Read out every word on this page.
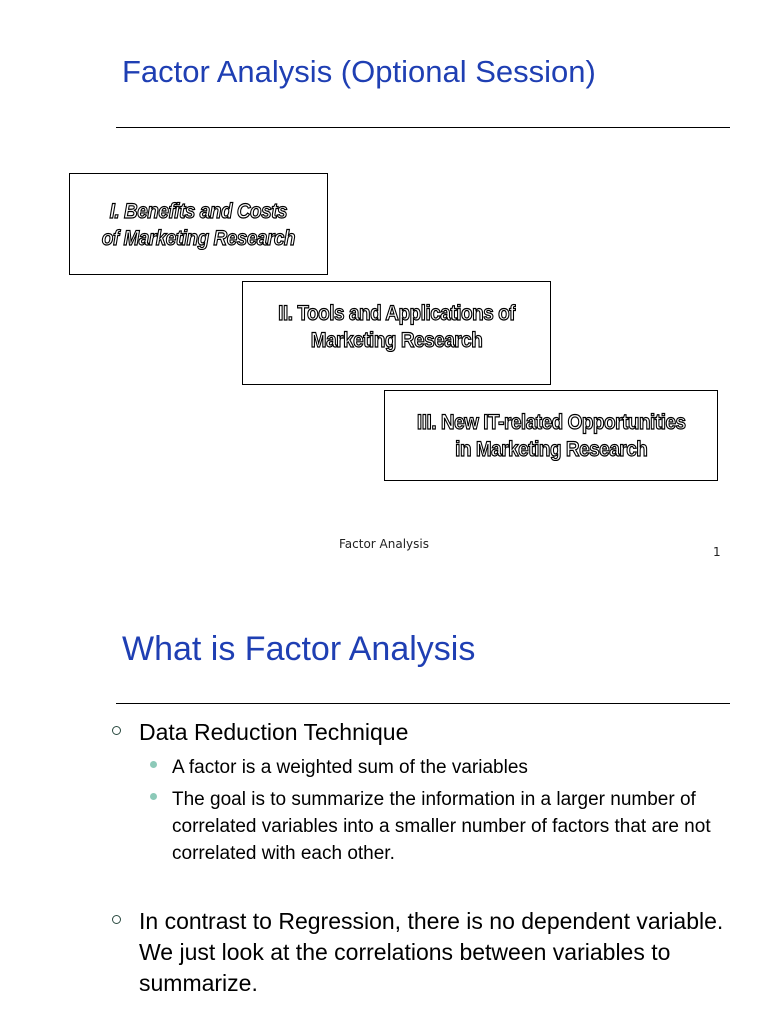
Factor Analysis (Optional Session)
I. Benefits and Costs
of Marketing Research
II. Tools and Applications of
Marketing Research
III. New IT-related Opportunities
in Marketing Research
Factor Analysis
1
What is Factor Analysis
Data Reduction Technique
A factor is a weighted sum of the variables
The goal is to summarize the information in a larger number of correlated variables into a smaller number of factors that are not correlated with each other.
In contrast to Regression, there is no dependent variable. We just look at the correlations between variables to summarize.
